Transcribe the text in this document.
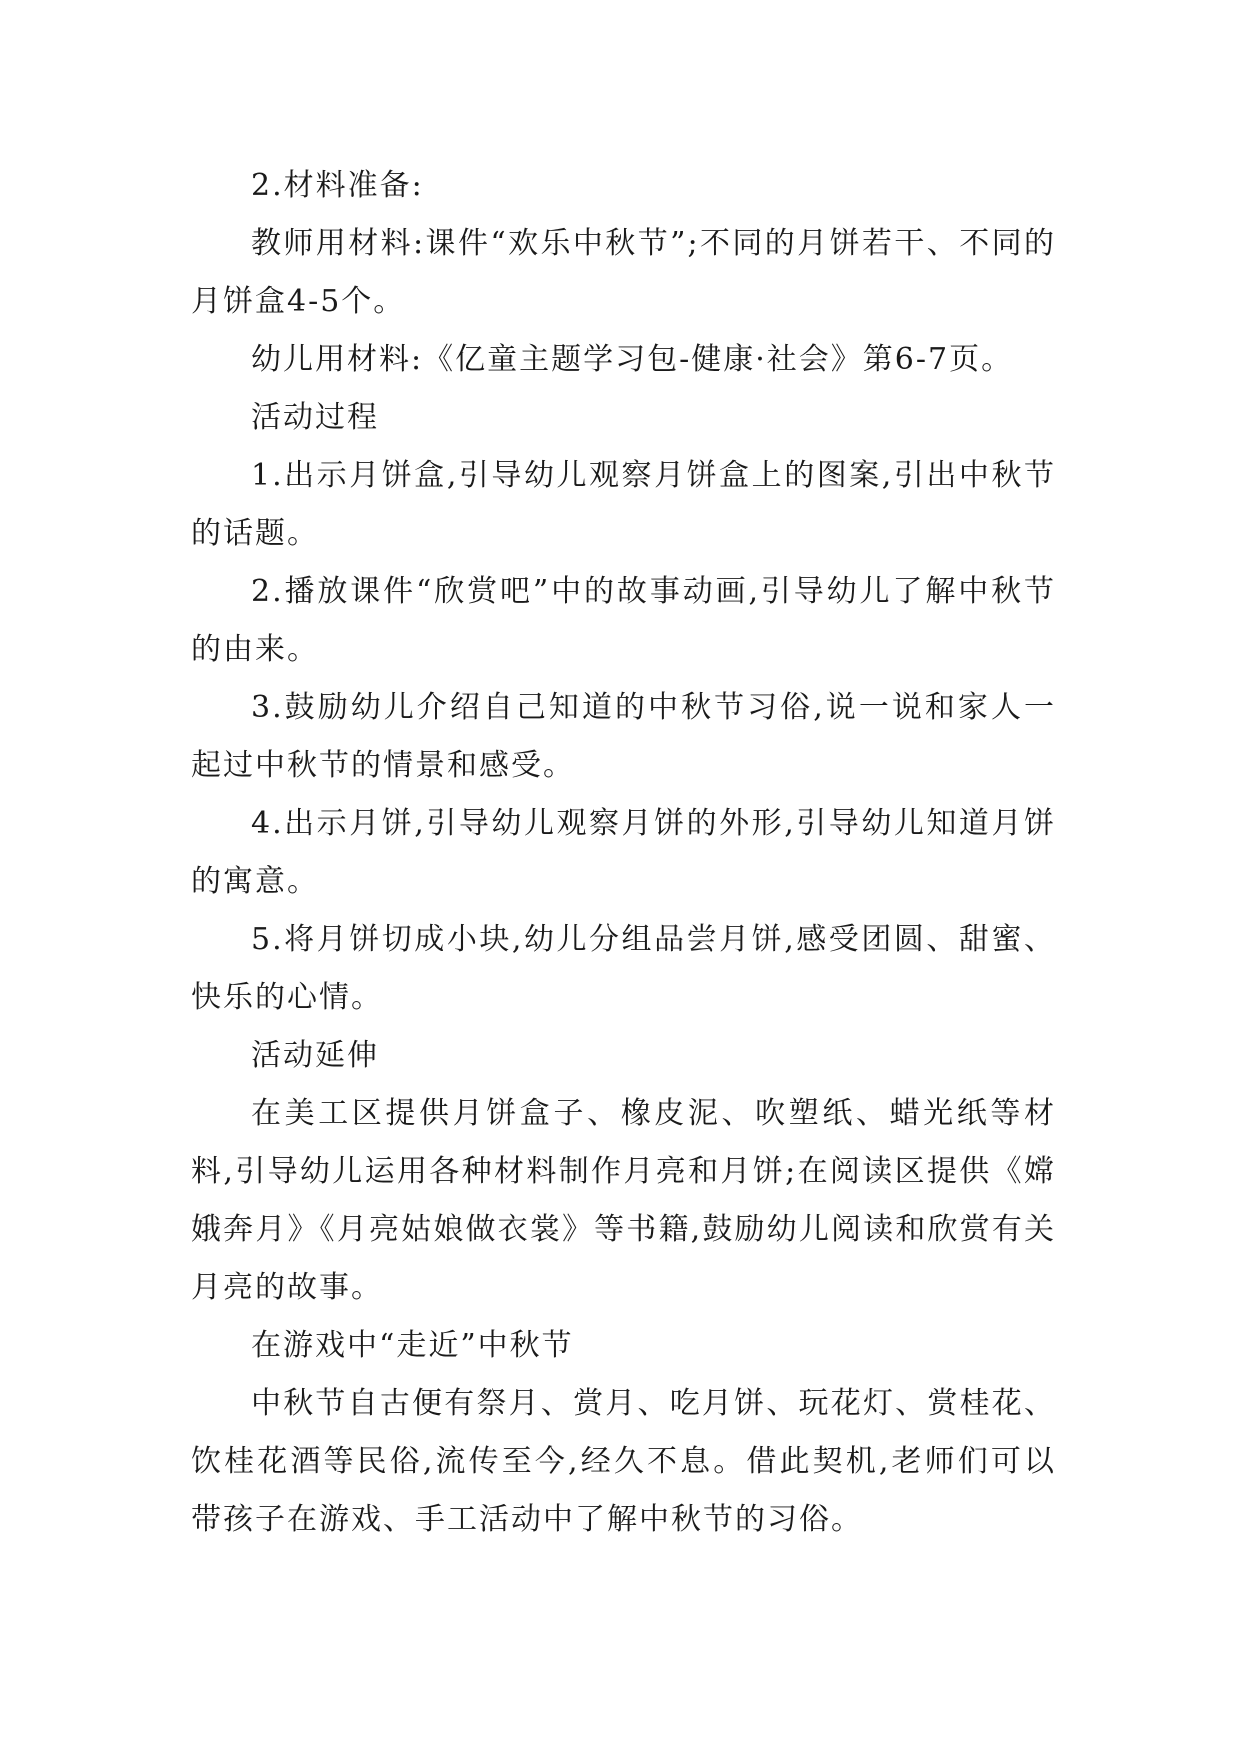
2.材料准备:

教师用材料:课件“欢乐中秋节”;不同的月饼若干、不同的月饼盒4-5个。

幼儿用材料:《亿童主题学习包-健康·社会》第6-7页。

活动过程

1.出示月饼盒,引导幼儿观察月饼盒上的图案,引出中秋节的话题。

2.播放课件“欣赏吧”中的故事动画,引导幼儿了解中秋节的由来。

3.鼓励幼儿介绍自己知道的中秋节习俗,说一说和家人一起过中秋节的情景和感受。

4.出示月饼,引导幼儿观察月饼的外形,引导幼儿知道月饼的寓意。

5.将月饼切成小块,幼儿分组品尝月饼,感受团圆、甜蜜、快乐的心情。

活动延伸

在美工区提供月饼盒子、橡皮泥、吹塑纸、蜡光纸等材料,引导幼儿运用各种材料制作月亮和月饼;在阅读区提供《嫦娥奔月》《月亮姑娘做衣裳》等书籍,鼓励幼儿阅读和欣赏有关月亮的故事。

在游戏中“走近”中秋节

中秋节自古便有祭月、赏月、吃月饼、玩花灯、赏桂花、饮桂花酒等民俗,流传至今,经久不息。借此契机,老师们可以带孩子在游戏、手工活动中了解中秋节的习俗。
